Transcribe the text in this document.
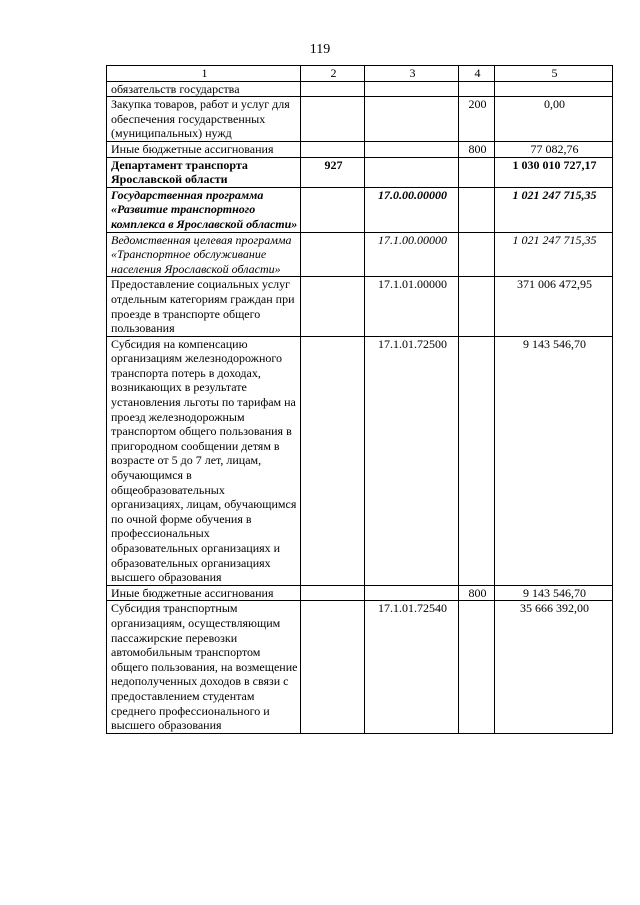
119
1	2	3	4	5
обязательств государства				
Закупка товаров, работ и услуг для обеспечения государственных (муниципальных) нужд			200	0,00
Иные бюджетные ассигнования			800	77 082,76
Департамент транспорта Ярославской области	927			1 030 010 727,17
Государственная программа «Развитие транспортного комплекса в Ярославской области»		17.0.00.00000		1 021 247 715,35
Ведомственная целевая программа «Транспортное обслуживание населения Ярославской области»		17.1.00.00000		1 021 247 715,35
Предоставление социальных услуг отдельным категориям граждан при проезде в транспорте общего пользования		17.1.01.00000		371 006 472,95
Субсидия на компенсацию организациям железнодорожного транспорта потерь в доходах, возникающих в результате установления льготы по тарифам на проезд железнодорожным транспортом общего пользования в пригородном сообщении детям в возрасте от 5 до 7 лет, лицам, обучающимся в общеобразовательных организациях, лицам, обучающимся по очной форме обучения в профессиональных образовательных организациях и образовательных организациях высшего образования		17.1.01.72500		9 143 546,70
Иные бюджетные ассигнования			800	9 143 546,70
Субсидия транспортным организациям, осуществляющим пассажирские перевозки автомобильным транспортом общего пользования, на возмещение недополученных доходов в связи с предоставлением студентам среднего профессионального и высшего образования		17.1.01.72540		35 666 392,00
